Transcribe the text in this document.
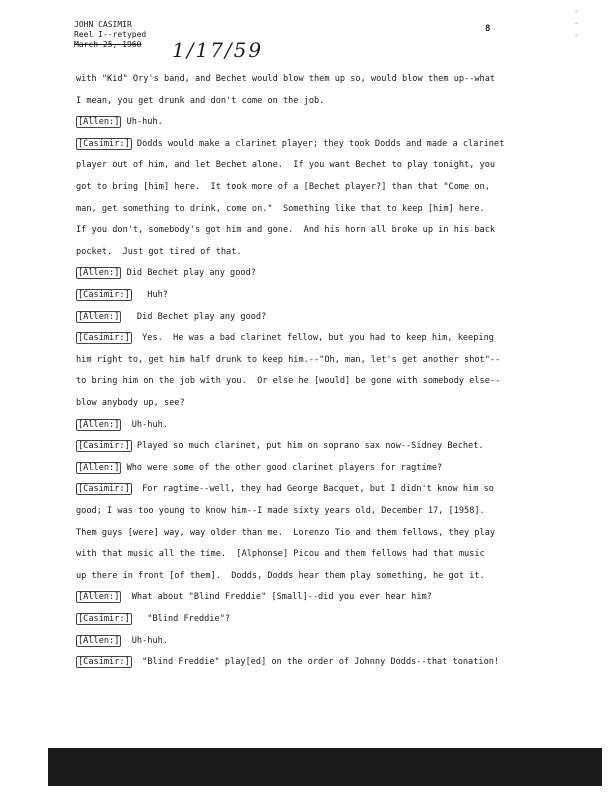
JOHN CASIMIR
Reel I--retyped
March 25, 1960 1/17/59
8
·
·
·
with "Kid" Ory's band, and Bechet would blow them up so, would blow them up--what
I mean, you get drunk and don't come on the job.
[Allen:] Uh-huh.
[Casimir:] Dodds would make a clarinet player; they took Dodds and made a clarinet
player out of him, and let Bechet alone.  If you want Bechet to play tonight, you
got to bring [him] here.  It took more of a [Bechet player?] than that "Come on,
man, get something to drink, come on."  Something like that to keep [him] here.
If you don't, somebody's got him and gone.  And his horn all broke up in his back
pocket.  Just got tired of that.
[Allen:] Did Bechet play any good?
[Casimir:]   Huh?
[Allen:]   Did Bechet play any good?
[Casimir:]  Yes.  He was a bad clarinet fellow, but you had to keep him, keeping
him right to, get him half drunk to keep him.--"Oh, man, let's get another shot"--
to bring him on the job with you.  Or else he [would] be gone with somebody else--
blow anybody up, see?
[Allen:]  Uh-huh.
[Casimir:] Played so much clarinet, put him on soprano sax now--Sidney Bechet.
[Allen:] Who were some of the other good clarinet players for ragtime?
[Casimir:]  For ragtime--well, they had George Bacquet, but I didn't know him so
good; I was too young to know him--I made sixty years old, December 17, [1958].
Them guys [were] way, way older than me.  Lorenzo Tio and them fellows, they play
with that music all the time.  [Alphonse] Picou and them fellows had that music
up there in front [of them].  Dodds, Dodds hear them play something, he got it.
[Allen:]  What about "Blind Freddie" [Small]--did you ever hear him?
[Casimir:]   "Blind Freddie"?
[Allen:]  Uh-huh.
[Casimir:]  "Blind Freddie" play[ed] on the order of Johnny Dodds--that tonation!
